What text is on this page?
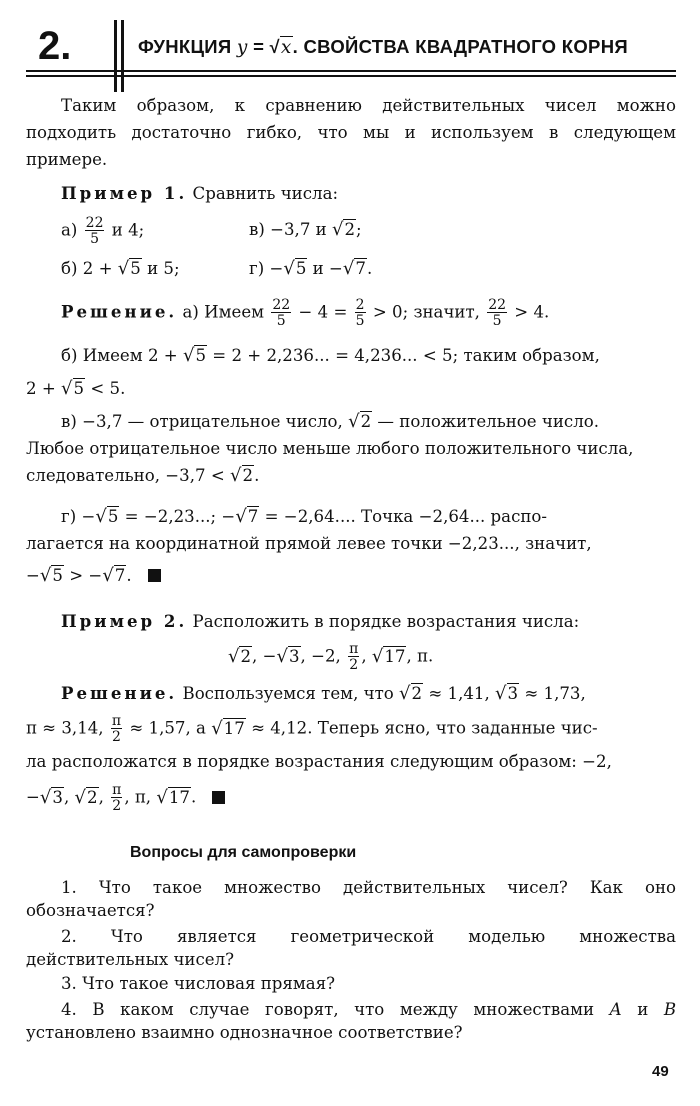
2.	ФУНКЦИЯ y = √x. СВОЙСТВА КВАДРАТНОГО КОРНЯ
Таким образом, к сравнению действительных чисел можно подходить достаточно гибко, что мы и используем в следующем примере.
Пример 1. Сравнить числа:
$а) \frac{22}{5}$ и 4;	в) −3,7 и √2;
б) 2 + √5 и 5;	г) −√5 и −√7.
Решение. а) Имеем $\frac{22}{5} - 4 = \frac{2}{5} > 0$; значит, $\frac{22}{5} > 4$.
б) Имеем 2 + √5 = 2 + 2,236... = 4,236... < 5; таким образом,
2 + √5 < 5.
в) −3,7 — отрицательное число, √2 — положительное число.
Любое отрицательное число меньше любого положительного числа,
следовательно, −3,7 < √2.
г) −√5 = −2,23...; −√7 = −2,64.... Точка −2,64... распо-
лагается на координатной прямой левее точки −2,23..., значит,
−√5 > −√7.
Пример 2. Расположить в порядке возрастания числа:
√2, −√3, −2, $\frac{\pi}{2}$ , √17, π.
Решение. Воспользуемся тем, что √2 ≈ 1,41, √3 ≈ 1,73,
π ≈ 3,14, $\frac{\pi}{2} \approx 1,57$, а √17 ≈ 4,12. Теперь ясно, что заданные чис-
ла расположатся в порядке возрастания следующим образом: −2,
−√3, √2, $\frac{\pi}{2}$ , π, √17.
Вопросы для самопроверки
1. Что такое множество действительных чисел? Как оно обозначается?
2. Что является геометрической моделью множества действительных чисел?
3. Что такое числовая прямая?
4. В каком случае говорят, что между множествами A и B установлено взаимно однозначное соответствие?
49
